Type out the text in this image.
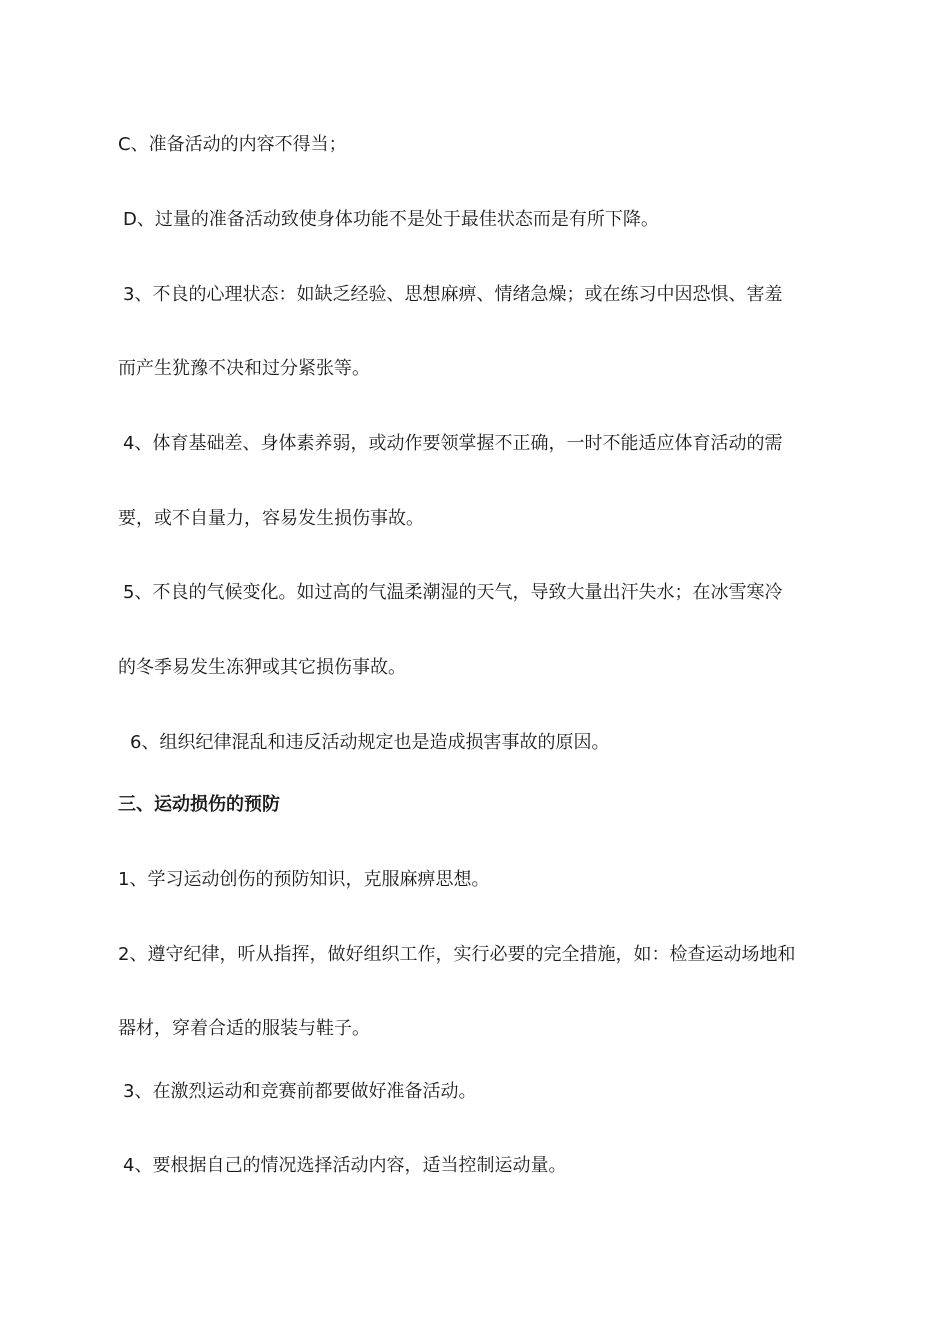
C、准备活动的内容不得当；
D、过量的准备活动致使身体功能不是处于最佳状态而是有所下降。
3、不良的心理状态：如缺乏经验、思想麻痹、情绪急燥；或在练习中因恐惧、害羞
而产生犹豫不决和过分紧张等。
4、体育基础差、身体素养弱，或动作要领掌握不正确，一时不能适应体育活动的需
要，或不自量力，容易发生损伤事故。
5、不良的气候变化。如过高的气温柔潮湿的天气，导致大量出汗失水；在冰雪寒冷
的冬季易发生冻狎或其它损伤事故。
6、组织纪律混乱和违反活动规定也是造成损害事故的原因。
三、运动损伤的预防
1、学习运动创伤的预防知识，克服麻痹思想。
2、遵守纪律，听从指挥，做好组织工作，实行必要的完全措施，如：检查运动场地和
器材，穿着合适的服装与鞋子。
3、在激烈运动和竞赛前都要做好准备活动。
4、要根据自己的情况选择活动内容，适当控制运动量。
